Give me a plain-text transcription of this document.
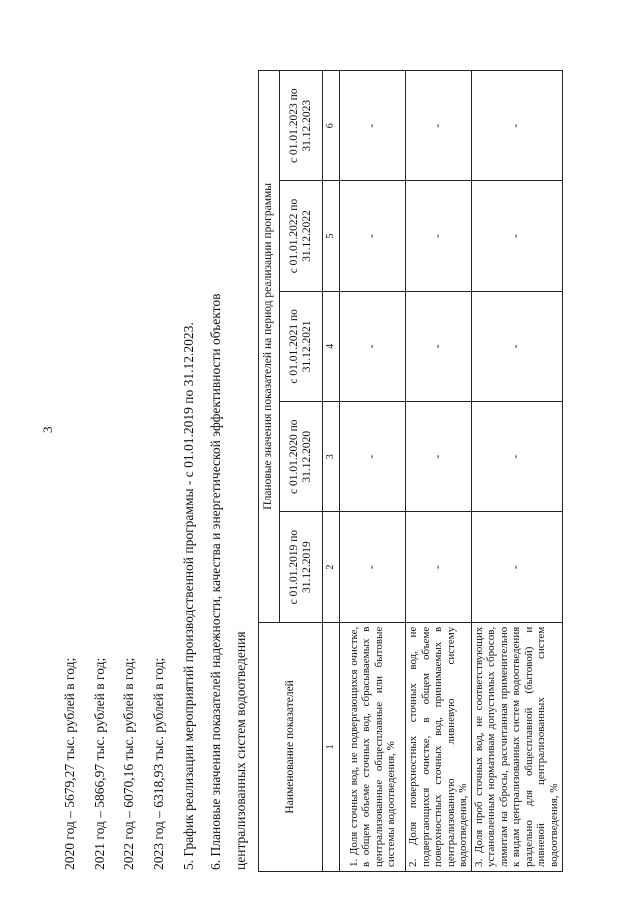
3
2020 год – 5679,27 тыс. рублей в год; 2021 год – 5866,97 тыс. рублей в год; 2022 год – 6070,16 тыс. рублей в год; 2023 год – 6318,93 тыс. рублей в год; 5. График реализации мероприятий производственной программы - с 01.01.2019 по 31.12.2023. 6. Плановые значения показателей надежности, качества и энергетической эффективности объектов централизованных систем водоотведения	Наименование показателей	Плановые значения показателей на период реализации программы				
	с 01.01.2019 по 31.12.2019	с 01.01.2020 по 31.12.2020	с 01.01.2021 по 31.12.2021	с 01.01.2022 по 31.12.2022	с 01.01.2023 по 31.12.2023
1	2	3	4	5	6
1. Доля сточных вод, не подвергающихся очистке, в общем объеме сточных вод, сбрасываемых в централизованные общесплавные или бытовые системы водоотведения, %	-	-	-	-	-
2. Доля поверхностных сточных вод, не подвергающихся очистке, в общем объеме поверхностных сточных вод, принимаемых в централизованную ливневую систему водоотведения, %	-	-	-	-	-
3. Доля проб сточных вод, не соответствующих установленным нормативам допустимых сбросов, лимитам на сбросы, рассчитанная применительно к видам централизованных систем водоотведения раздельно для общесплавной (бытовой) и ливневой централизованных систем водоотведения, %	-	-	-	-	-
